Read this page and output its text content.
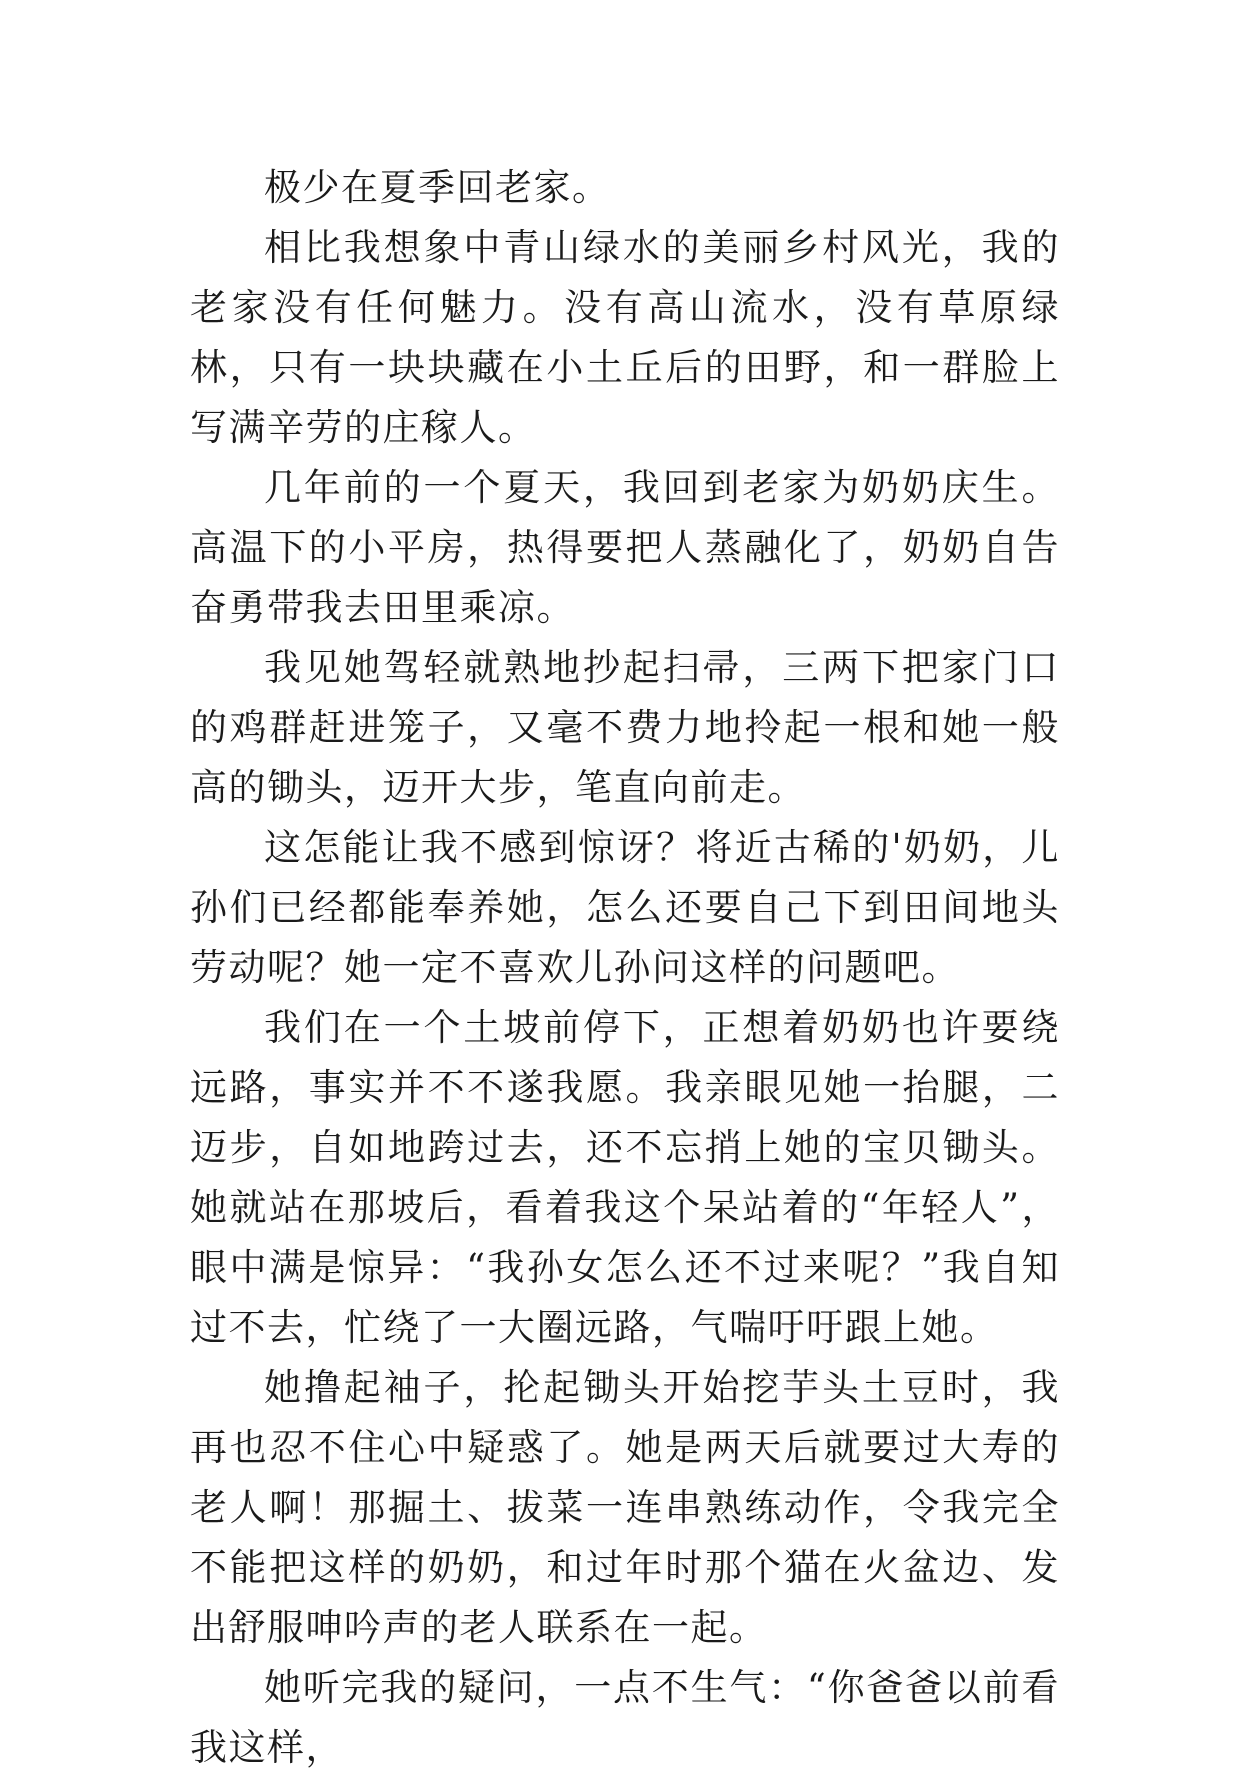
极少在夏季回老家。

相比我想象中青山绿水的美丽乡村风光，我的老家没有任何魅力。没有高山流水，没有草原绿林，只有一块块藏在小土丘后的田野，和一群脸上写满辛劳的庄稼人。

几年前的一个夏天，我回到老家为奶奶庆生。高温下的小平房，热得要把人蒸融化了，奶奶自告奋勇带我去田里乘凉。

我见她驾轻就熟地抄起扫帚，三两下把家门口的鸡群赶进笼子，又毫不费力地拎起一根和她一般高的锄头，迈开大步，笔直向前走。

这怎能让我不感到惊讶？将近古稀的'奶奶，儿孙们已经都能奉养她，怎么还要自己下到田间地头劳动呢？她一定不喜欢儿孙问这样的问题吧。

我们在一个土坡前停下，正想着奶奶也许要绕远路，事实并不不遂我愿。我亲眼见她一抬腿，二迈步，自如地跨过去，还不忘捎上她的宝贝锄头。她就站在那坡后，看着我这个呆站着的“年轻人”，眼中满是惊异：“我孙女怎么还不过来呢？”我自知过不去，忙绕了一大圈远路，气喘吁吁跟上她。

她撸起袖子，抡起锄头开始挖芋头土豆时，我再也忍不住心中疑惑了。她是两天后就要过大寿的老人啊！那掘土、拔菜一连串熟练动作，令我完全不能把这样的奶奶，和过年时那个猫在火盆边、发出舒服呻吟声的老人联系在一起。

她听完我的疑问，一点不生气：“你爸爸以前看我这样，
